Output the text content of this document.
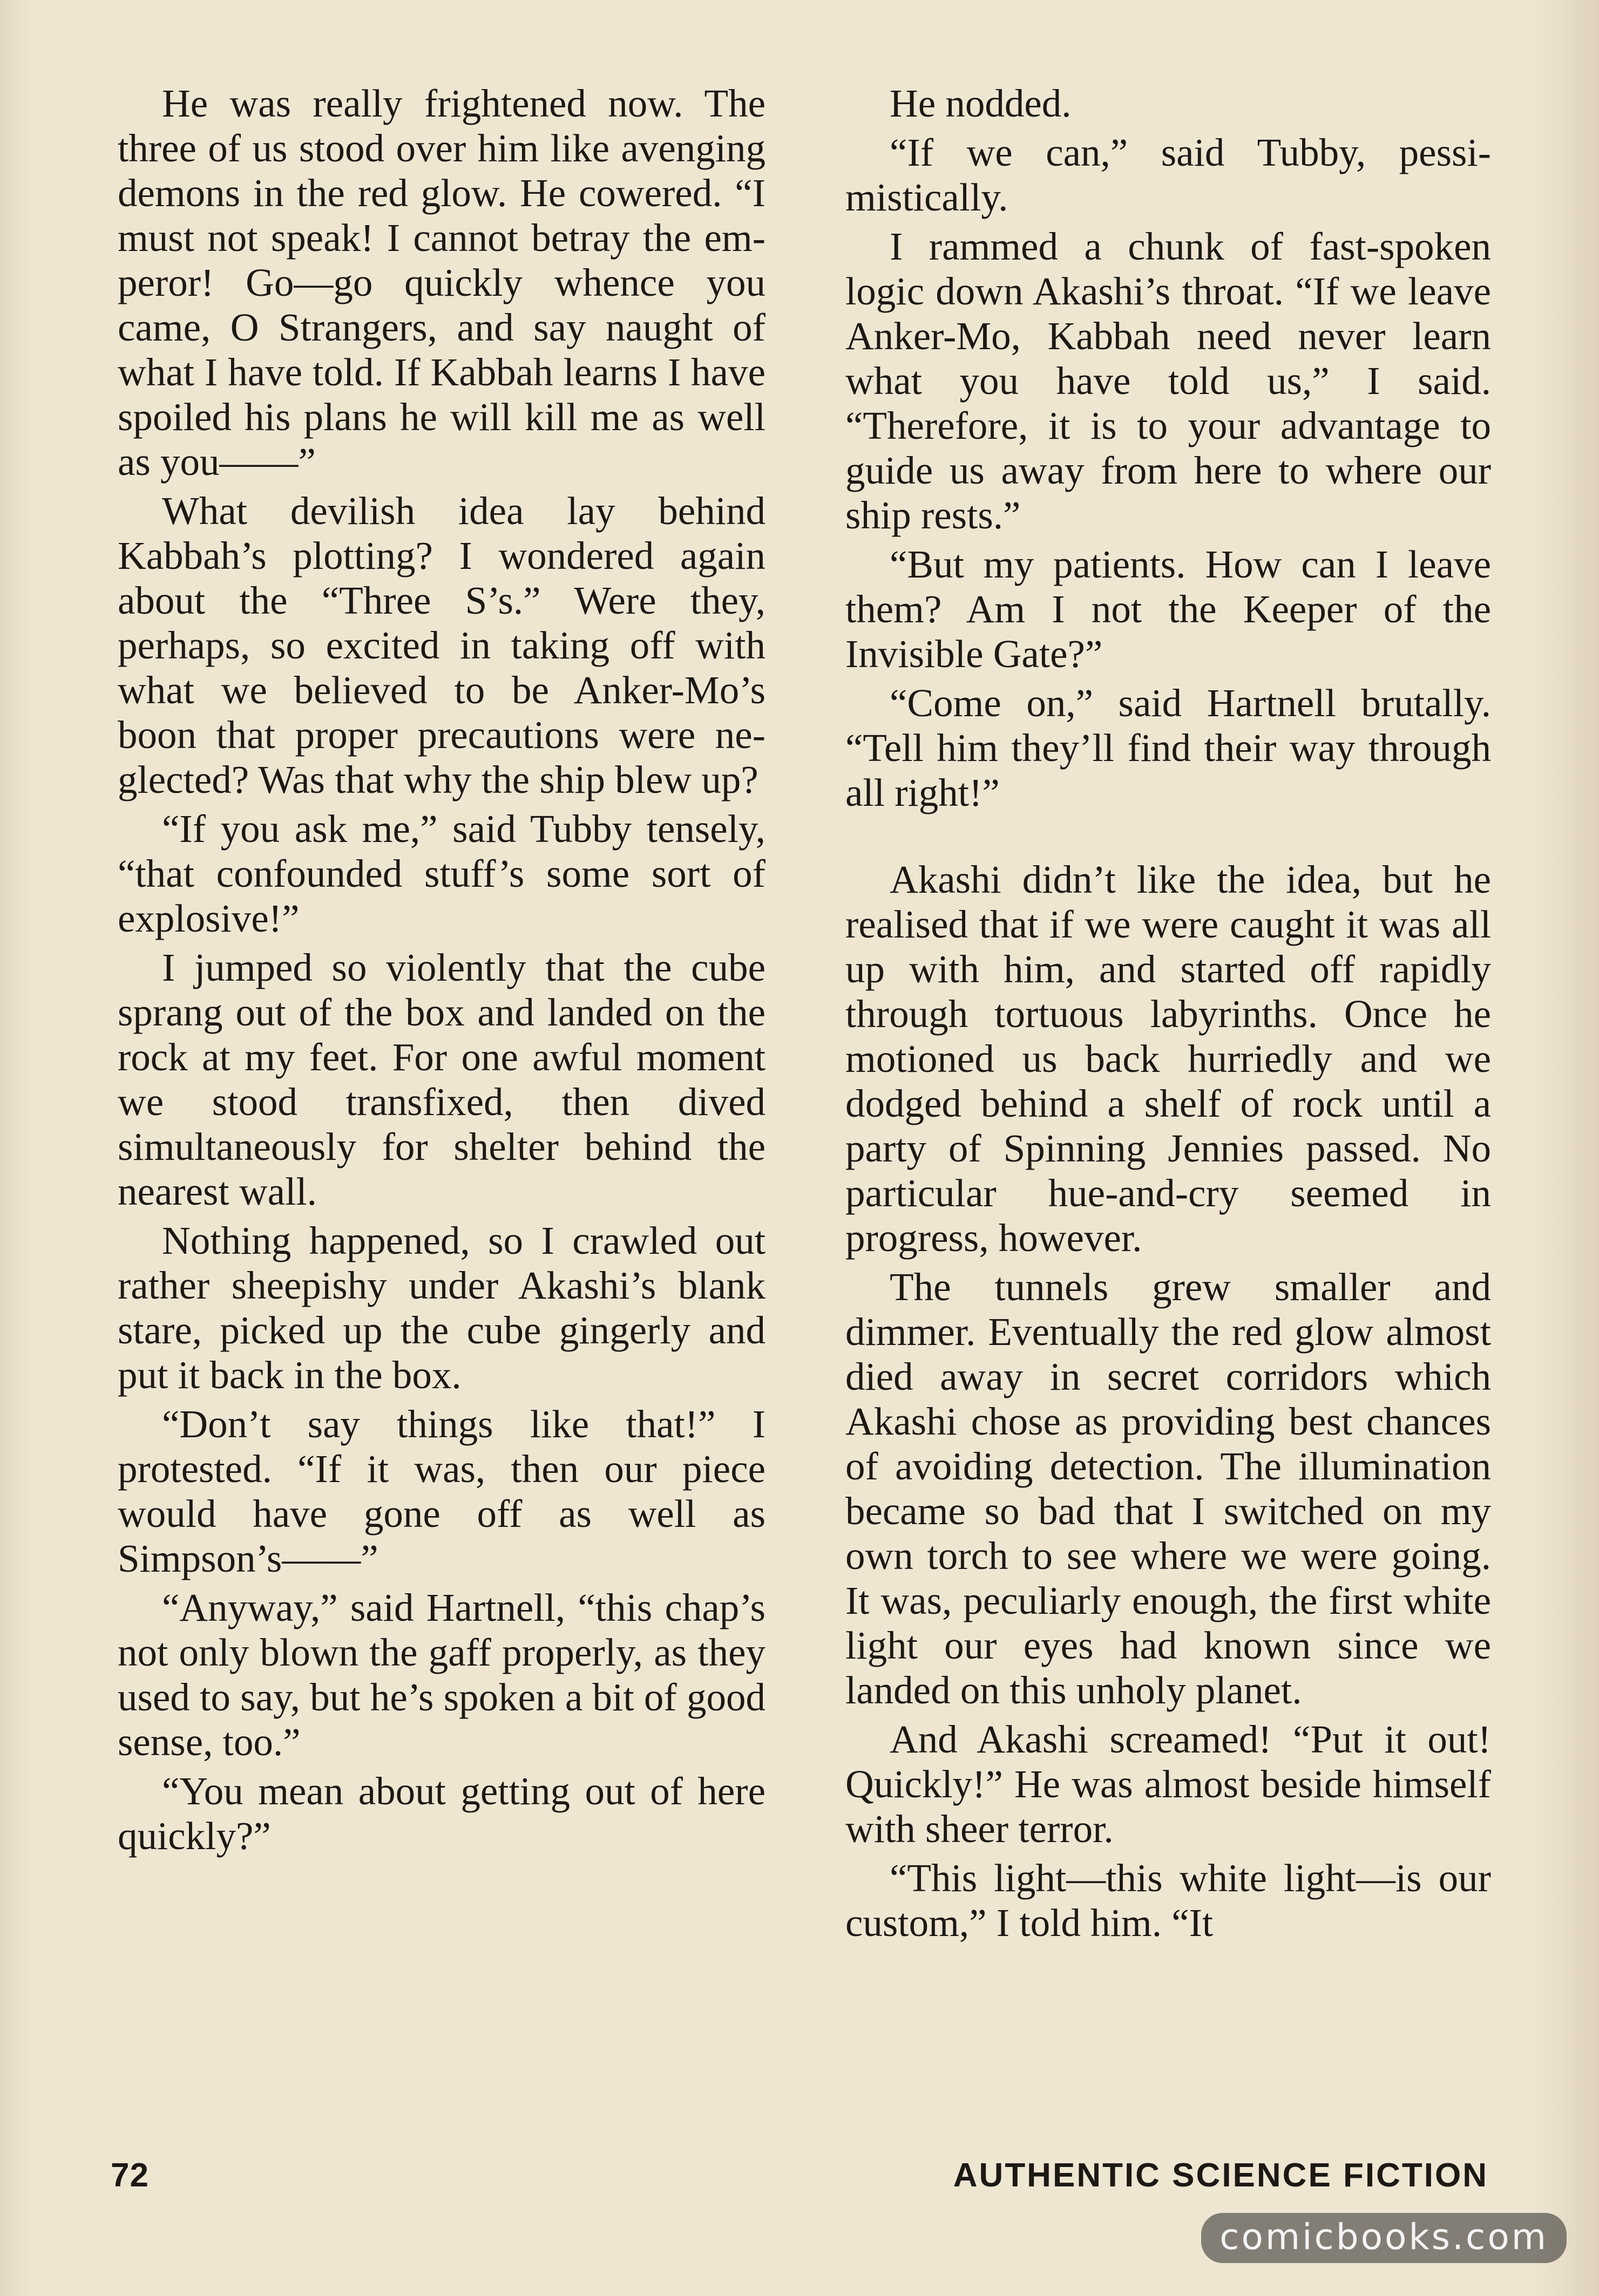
He was really frightened now. The three of us stood over him like avenging demons in the red glow. He cowered. “I must not speak! I cannot betray the emperor! Go—go quickly whence you came, O Strangers, and say naught of what I have told. If Kabbah learns I have spoiled his plans he will kill me as well as you——”

What devilish idea lay behind Kabbah’s plotting? I wondered again about the “Three S’s.” Were they, perhaps, so excited in taking off with what we believed to be Anker-Mo’s boon that proper precautions were neglected? Was that why the ship blew up?

“If you ask me,” said Tubby tensely, “that confounded stuff’s some sort of explosive!”

I jumped so violently that the cube sprang out of the box and landed on the rock at my feet. For one awful moment we stood transfixed, then dived simultaneously for shelter behind the nearest wall.

Nothing happened, so I crawled out rather sheepishy under Akashi’s blank stare, picked up the cube gingerly and put it back in the box.

“Don’t say things like that!” I protested. “If it was, then our piece would have gone off as well as Simpson’s——”

“Anyway,” said Hartnell, “this chap’s not only blown the gaff properly, as they used to say, but he’s spoken a bit of good sense, too.”

“You mean about getting out of here quickly?”

He nodded.

“If we can,” said Tubby, pessimistically.

I rammed a chunk of fast-spoken logic down Akashi’s throat. “If we leave Anker-Mo, Kabbah need never learn what you have told us,” I said. “Therefore, it is to your advantage to guide us away from here to where our ship rests.”

“But my patients. How can I leave them? Am I not the Keeper of the Invisible Gate?”

“Come on,” said Hartnell brutally. “Tell him they’ll find their way through all right!”

Akashi didn’t like the idea, but he realised that if we were caught it was all up with him, and started off rapidly through tortuous labyrinths. Once he motioned us back hurriedly and we dodged behind a shelf of rock until a party of Spinning Jennies passed. No particular hue-and-cry seemed in progress, however.

The tunnels grew smaller and dimmer. Eventually the red glow almost died away in secret corridors which Akashi chose as providing best chances of avoiding detection. The illumination became so bad that I switched on my own torch to see where we were going. It was, peculiarly enough, the first white light our eyes had known since we landed on this unholy planet.

And Akashi screamed! “Put it out! Quickly!” He was almost beside himself with sheer terror.

“This light—this white light—is our custom,” I told him. “It

72	AUTHENTIC SCIENCE FICTION
comicbooks.com
